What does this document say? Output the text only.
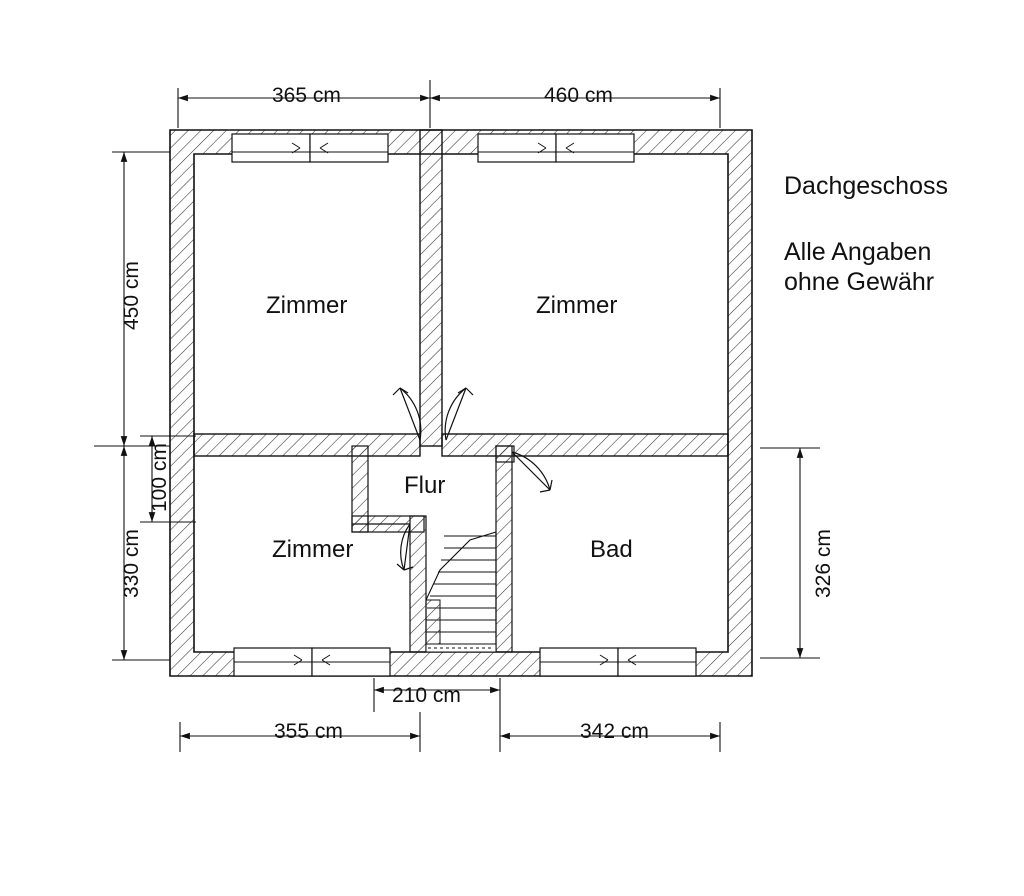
Zimmer	Zimmer
Flur
Zimmer	Bad
365 cm	460 cm
450 cm
100 cm
330 cm	326 cm
210 cm
355 cm	342 cm
Dachgeschoss
Alle Angaben
ohne Gewähr
